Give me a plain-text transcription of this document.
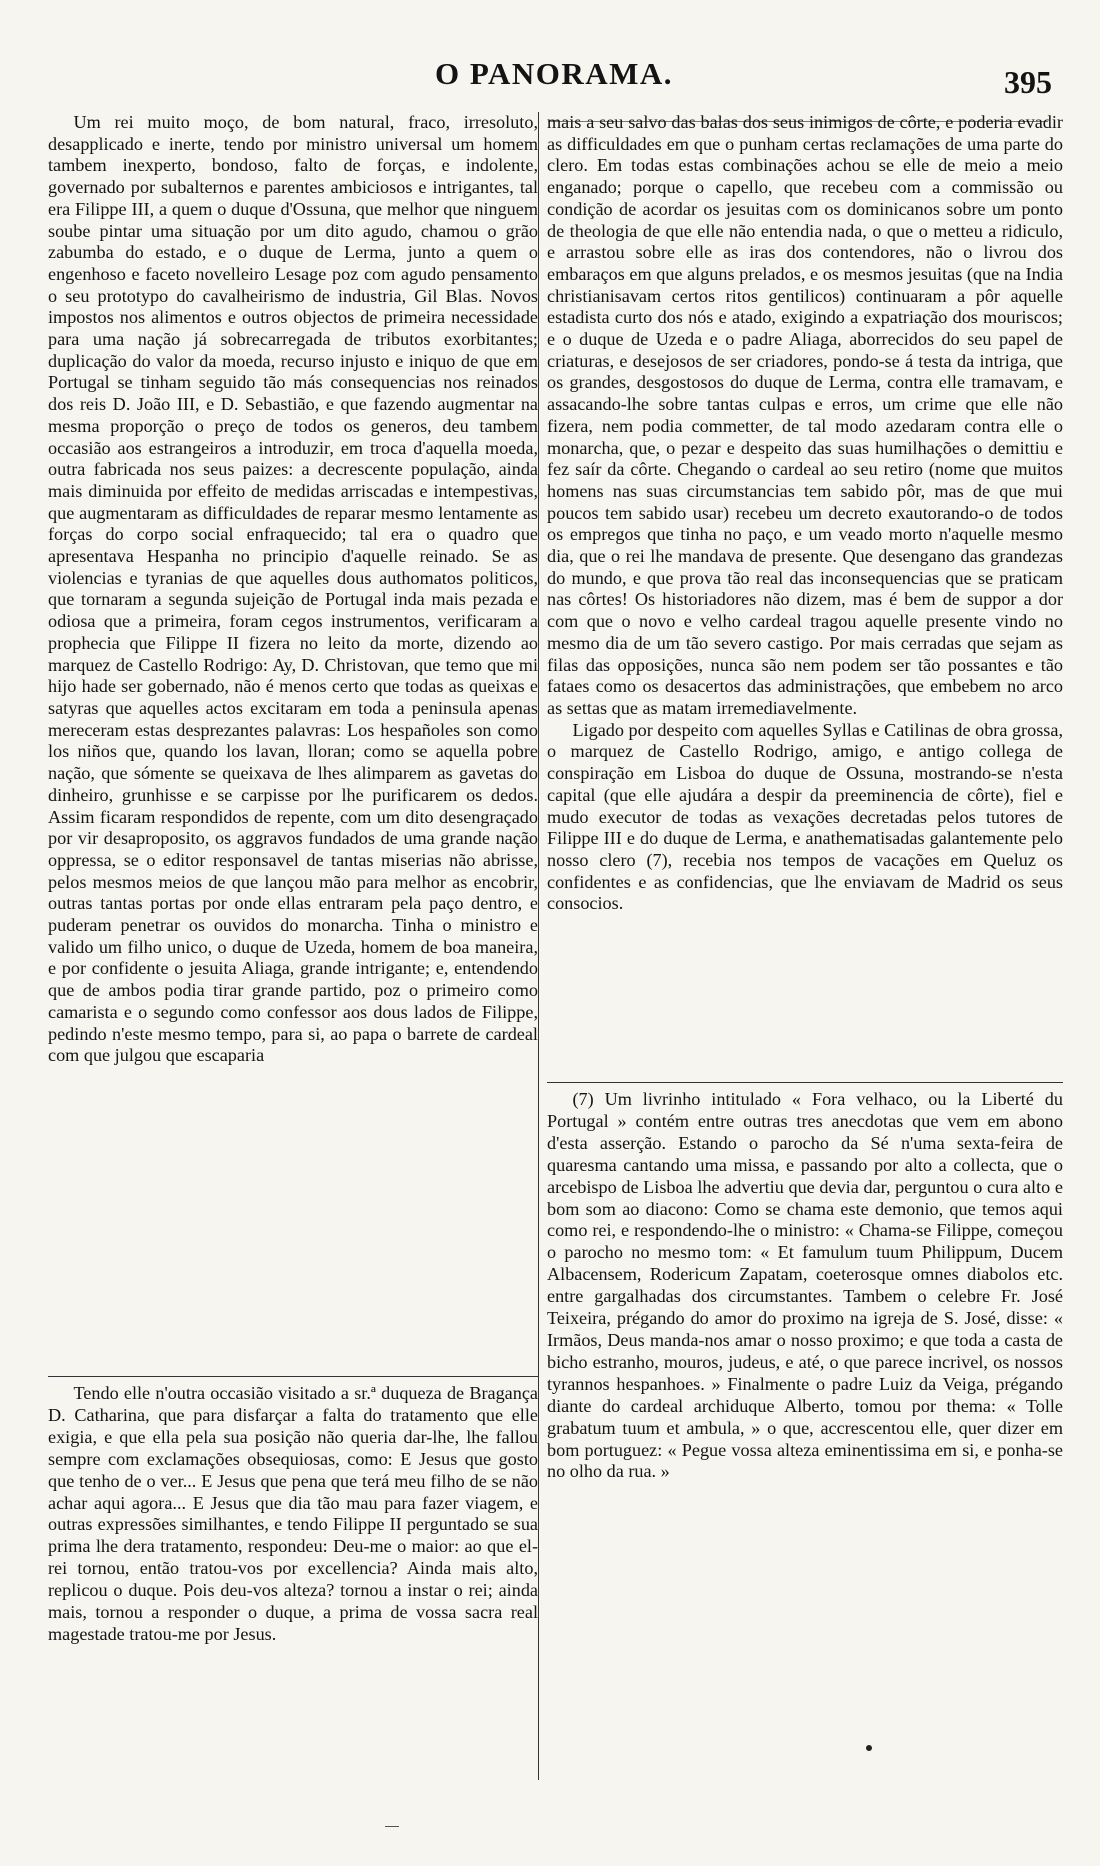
O PANORAMA.	395

Um rei muito moço, de bom natural, fraco, irresoluto, desapplicado e inerte, tendo por ministro universal um homem tambem inexperto, bondoso, falto de forças, e indolente, governado por subalternos e parentes ambiciosos e intrigantes, tal era Filippe III, a quem o duque d'Ossuna, que melhor que ninguem soube pintar uma situação por um dito agudo, chamou o grão zabumba do estado, e o duque de Lerma, junto a quem o engenhoso e faceto novelleiro Lesage poz com agudo pensamento o seu prototypo do cavalheirismo de industria, Gil Blas. Novos impostos nos alimentos e outros objectos de primeira necessidade para uma nação já sobrecarregada de tributos exorbitantes; duplicação do valor da moeda, recurso injusto e iniquo de que em Portugal se tinham seguido tão más consequencias nos reinados dos reis D. João III, e D. Sebastião, e que fazendo augmentar na mesma proporção o preço de todos os generos, deu tambem occasião aos estrangeiros a introduzir, em troca d'aquella moeda, outra fabricada nos seus paizes: a decrescente população, ainda mais diminuida por effeito de medidas arriscadas e intempestivas, que augmentaram as difficuldades de reparar mesmo lentamente as forças do corpo social enfraquecido; tal era o quadro que apresentava Hespanha no principio d'aquelle reinado. Se as violencias e tyranias de que aquelles dous authomatos politicos, que tornaram a segunda sujeição de Portugal inda mais pezada e odiosa que a primeira, foram cegos instrumentos, verificaram a prophecia que Filippe II fizera no leito da morte, dizendo ao marquez de Castello Rodrigo: Ay, D. Christovan, que temo que mi hijo hade ser gobernado, não é menos certo que todas as queixas e satyras que aquelles actos excitaram em toda a peninsula apenas mereceram estas desprezantes palavras: Los hespañoles son como los niños que, quando los lavan, lloran; como se aquella pobre nação, que sómente se queixava de lhes alimparem as gavetas do dinheiro, grunhisse e se carpisse por lhe purificarem os dedos. Assim ficaram respondidos de repente, com um dito desengraçado por vir desaproposito, os aggravos fundados de uma grande nação oppressa, se o editor responsavel de tantas miserias não abrisse, pelos mesmos meios de que lançou mão para melhor as encobrir, outras tantas portas por onde ellas entraram pela paço dentro, e puderam penetrar os ouvidos do monarcha. Tinha o ministro e valido um filho unico, o duque de Uzeda, homem de boa maneira, e por confidente o jesuita Aliaga, grande intrigante; e, entendendo que de ambos podia tirar grande partido, poz o primeiro como camarista e o segundo como confessor aos dous lados de Filippe, pedindo n'este mesmo tempo, para si, ao papa o barrete de cardeal com que julgou que escaparia

Tendo elle n'outra occasião visitado a sr.ª duqueza de Bragança D. Catharina, que para disfarçar a falta do tratamento que elle exigia, e que ella pela sua posição não queria dar-lhe, lhe fallou sempre com exclamações obsequiosas, como: E Jesus que gosto que tenho de o ver... E Jesus que pena que terá meu filho de se não achar aqui agora... E Jesus que dia tão mau para fazer viagem, e outras expressões similhantes, e tendo Filippe II perguntado se sua prima lhe dera tratamento, respondeu: Deu-me o maior: ao que el-rei tornou, então tratou-vos por excellencia? Ainda mais alto, replicou o duque. Pois deu-vos alteza? tornou a instar o rei; ainda mais, tornou a responder o duque, a prima de vossa sacra real magestade tratou-me por Jesus.

mais a seu salvo das balas dos seus inimigos de côrte, e poderia evadir as difficuldades em que o punham certas reclamações de uma parte do clero. Em todas estas combinações achou se elle de meio a meio enganado; porque o capello, que recebeu com a commissão ou condição de acordar os jesuitas com os dominicanos sobre um ponto de theologia de que elle não entendia nada, o que o metteu a ridiculo, e arrastou sobre elle as iras dos contendores, não o livrou dos embaraços em que alguns prelados, e os mesmos jesuitas (que na India christianisavam certos ritos gentilicos) continuaram a pôr aquelle estadista curto dos nós e atado, exigindo a expatriação dos mouriscos; e o duque de Uzeda e o padre Aliaga, aborrecidos do seu papel de criaturas, e desejosos de ser criadores, pondo-se á testa da intriga, que os grandes, desgostosos do duque de Lerma, contra elle tramavam, e assacando-lhe sobre tantas culpas e erros, um crime que elle não fizera, nem podia commetter, de tal modo azedaram contra elle o monarcha, que, o pezar e despeito das suas humilhações o demittiu e fez saír da côrte. Chegando o cardeal ao seu retiro (nome que muitos homens nas suas circumstancias tem sabido pôr, mas de que mui poucos tem sabido usar) recebeu um decreto exautorando-o de todos os empregos que tinha no paço, e um veado morto n'aquelle mesmo dia, que o rei lhe mandava de presente. Que desengano das grandezas do mundo, e que prova tão real das inconsequencias que se praticam nas côrtes! Os historiadores não dizem, mas é bem de suppor a dor com que o novo e velho cardeal tragou aquelle presente vindo no mesmo dia de um tão severo castigo. Por mais cerradas que sejam as filas das opposições, nunca são nem podem ser tão possantes e tão fataes como os desacertos das administrações, que embebem no arco as settas que as matam irremediavelmente.

Ligado por despeito com aquelles Syllas e Catilinas de obra grossa, o marquez de Castello Rodrigo, amigo, e antigo collega de conspiração em Lisboa do duque de Ossuna, mostrando-se n'esta capital (que elle ajudára a despir da preeminencia de côrte), fiel e mudo executor de todas as vexações decretadas pelos tutores de Filippe III e do duque de Lerma, e anathematisadas galantemente pelo nosso clero (7), recebia nos tempos de vacações em Queluz os confidentes e as confidencias, que lhe enviavam de Madrid os seus consocios.

(7) Um livrinho intitulado « Fora velhaco, ou la Liberté du Portugal » contém entre outras tres anecdotas que vem em abono d'esta asserção. Estando o parocho da Sé n'uma sexta-feira de quaresma cantando uma missa, e passando por alto a collecta, que o arcebispo de Lisboa lhe advertiu que devia dar, perguntou o cura alto e bom som ao diacono: Como se chama este demonio, que temos aqui como rei, e respondendo-lhe o ministro: « Chama-se Filippe, começou o parocho no mesmo tom: « Et famulum tuum Philippum, Ducem Albacensem, Rodericum Zapatam, coeterosque omnes diabolos etc. entre gargalhadas dos circumstantes. Tambem o celebre Fr. José Teixeira, prégando do amor do proximo na igreja de S. José, disse: « Irmãos, Deus manda-nos amar o nosso proximo; e que toda a casta de bicho estranho, mouros, judeus, e até, o que parece incrivel, os nossos tyrannos hespanhoes. » Finalmente o padre Luiz da Veiga, prégando diante do cardeal archiduque Alberto, tomou por thema: « Tolle grabatum tuum et ambula, » o que, accrescentou elle, quer dizer em bom portuguez: « Pegue vossa alteza eminentissima em si, e ponha-se no olho da rua. »
